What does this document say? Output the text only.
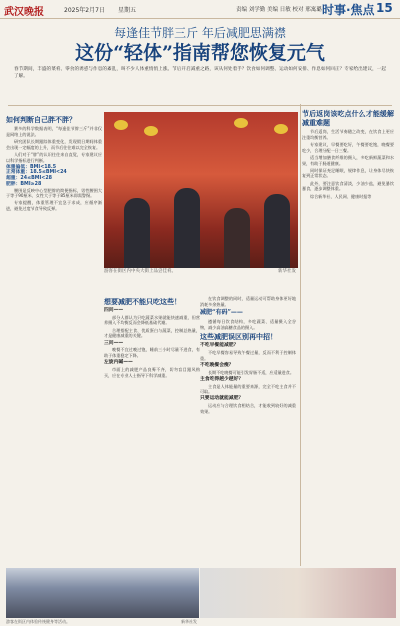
武汉晚报	2025年2月7日 星期五	责编 刘学勤 美编 日敏 校对 邢寓璐 时事·焦点 15
每逢佳节胖三斤 年后减肥思满襟
这份“轻体”指南帮您恢复元气
春节期间，丰盛的菜肴、零食的诱惑与作息的紊乱，叫不少人体重悄悄上涨。节后开启减重之路，该从何处着手？饮食如何调整、运动如何安排、作息如何回正？专家给出建议，一起了解。

如何判断自己胖不胖？

赛多的科学数据表明，“每逢佳节胖三斤”并非仅是网络上的说法。

研究团队长期跟踪体重变化，发现假日期间体重会出现一定幅度的上升，而节后往往难以完全恢复。

人们对于“胖”的认识往往来自直觉，专家建议应以科学指标进行判断。

体重偏低：BMI<18.5

正常体重：18.5≤BMI<24

超重：24≤BMI<28

肥胖：BMI≥28

腰围是反映中心型肥胖的简便指标，男性腰围大于等于90厘米、女性大于等于85厘米即需警惕。

专家提醒，体重管理不宜急于求成，应循序渐进，避免过度节食导致反弹。

游客在街区内中央大街上品尝佳肴。	新华社发

想要减肥不能只吃这些！

四问——

部分人群认为只吃蔬菜水果就能快速减重，但营养摄入不均衡反而会降低基础代谢。

合理搭配主食、优质蛋白与蔬菜，控制总热量，才是健康减重的关键。

三问——

晚餐不宜过晚过饱，睡前三小时尽量不进食，有助于体重稳定下降。

左旋内碱——

市面上的减肥产品良莠不齐，切勿盲目跟风购买，应在专业人士指导下科学减重。

在饮食调整的同时，适量运动可帮助身体更好地消耗多余热量。

减肥“有码”——

遵循每日饮食结构，多吃蔬菜、适量摄入全谷物，减少高油高糖食品的摄入。

这些减肥误区别再中招！

不吃早餐能减肥？

不吃早餐容易导致午餐过量，反而不利于控制体重。

不吃晚餐会瘦？

长期不吃晚餐可能引发胃肠不适，应适量进食。

主食吃得越少越好？

主食是人体能量的重要来源，完全不吃主食并不可取。

只要运动就能减肥？

运动应与合理饮食相结合，才能收到较好的减重效果。

节后返岗该吃点什么才能缓解减重难题

节后返岗，生活节奏随之改变，在饮食上更应注重均衡营养。

专家建议，早餐要吃好，午餐要吃饱，晚餐要吃少，合理分配一日三餐。

适当增加膳食纤维的摄入，多吃新鲜蔬菜和水果，有助于肠道健康。

同时保证充足睡眠，规律作息，让身体尽快恢复到正常状态。

此外，要注意饮食清淡，少油少盐，避免暴饮暴食，逐步调整体重。

综合新华社、人民网、健康时报等

游客在街区内体验传统健身等活动。	新华社发
